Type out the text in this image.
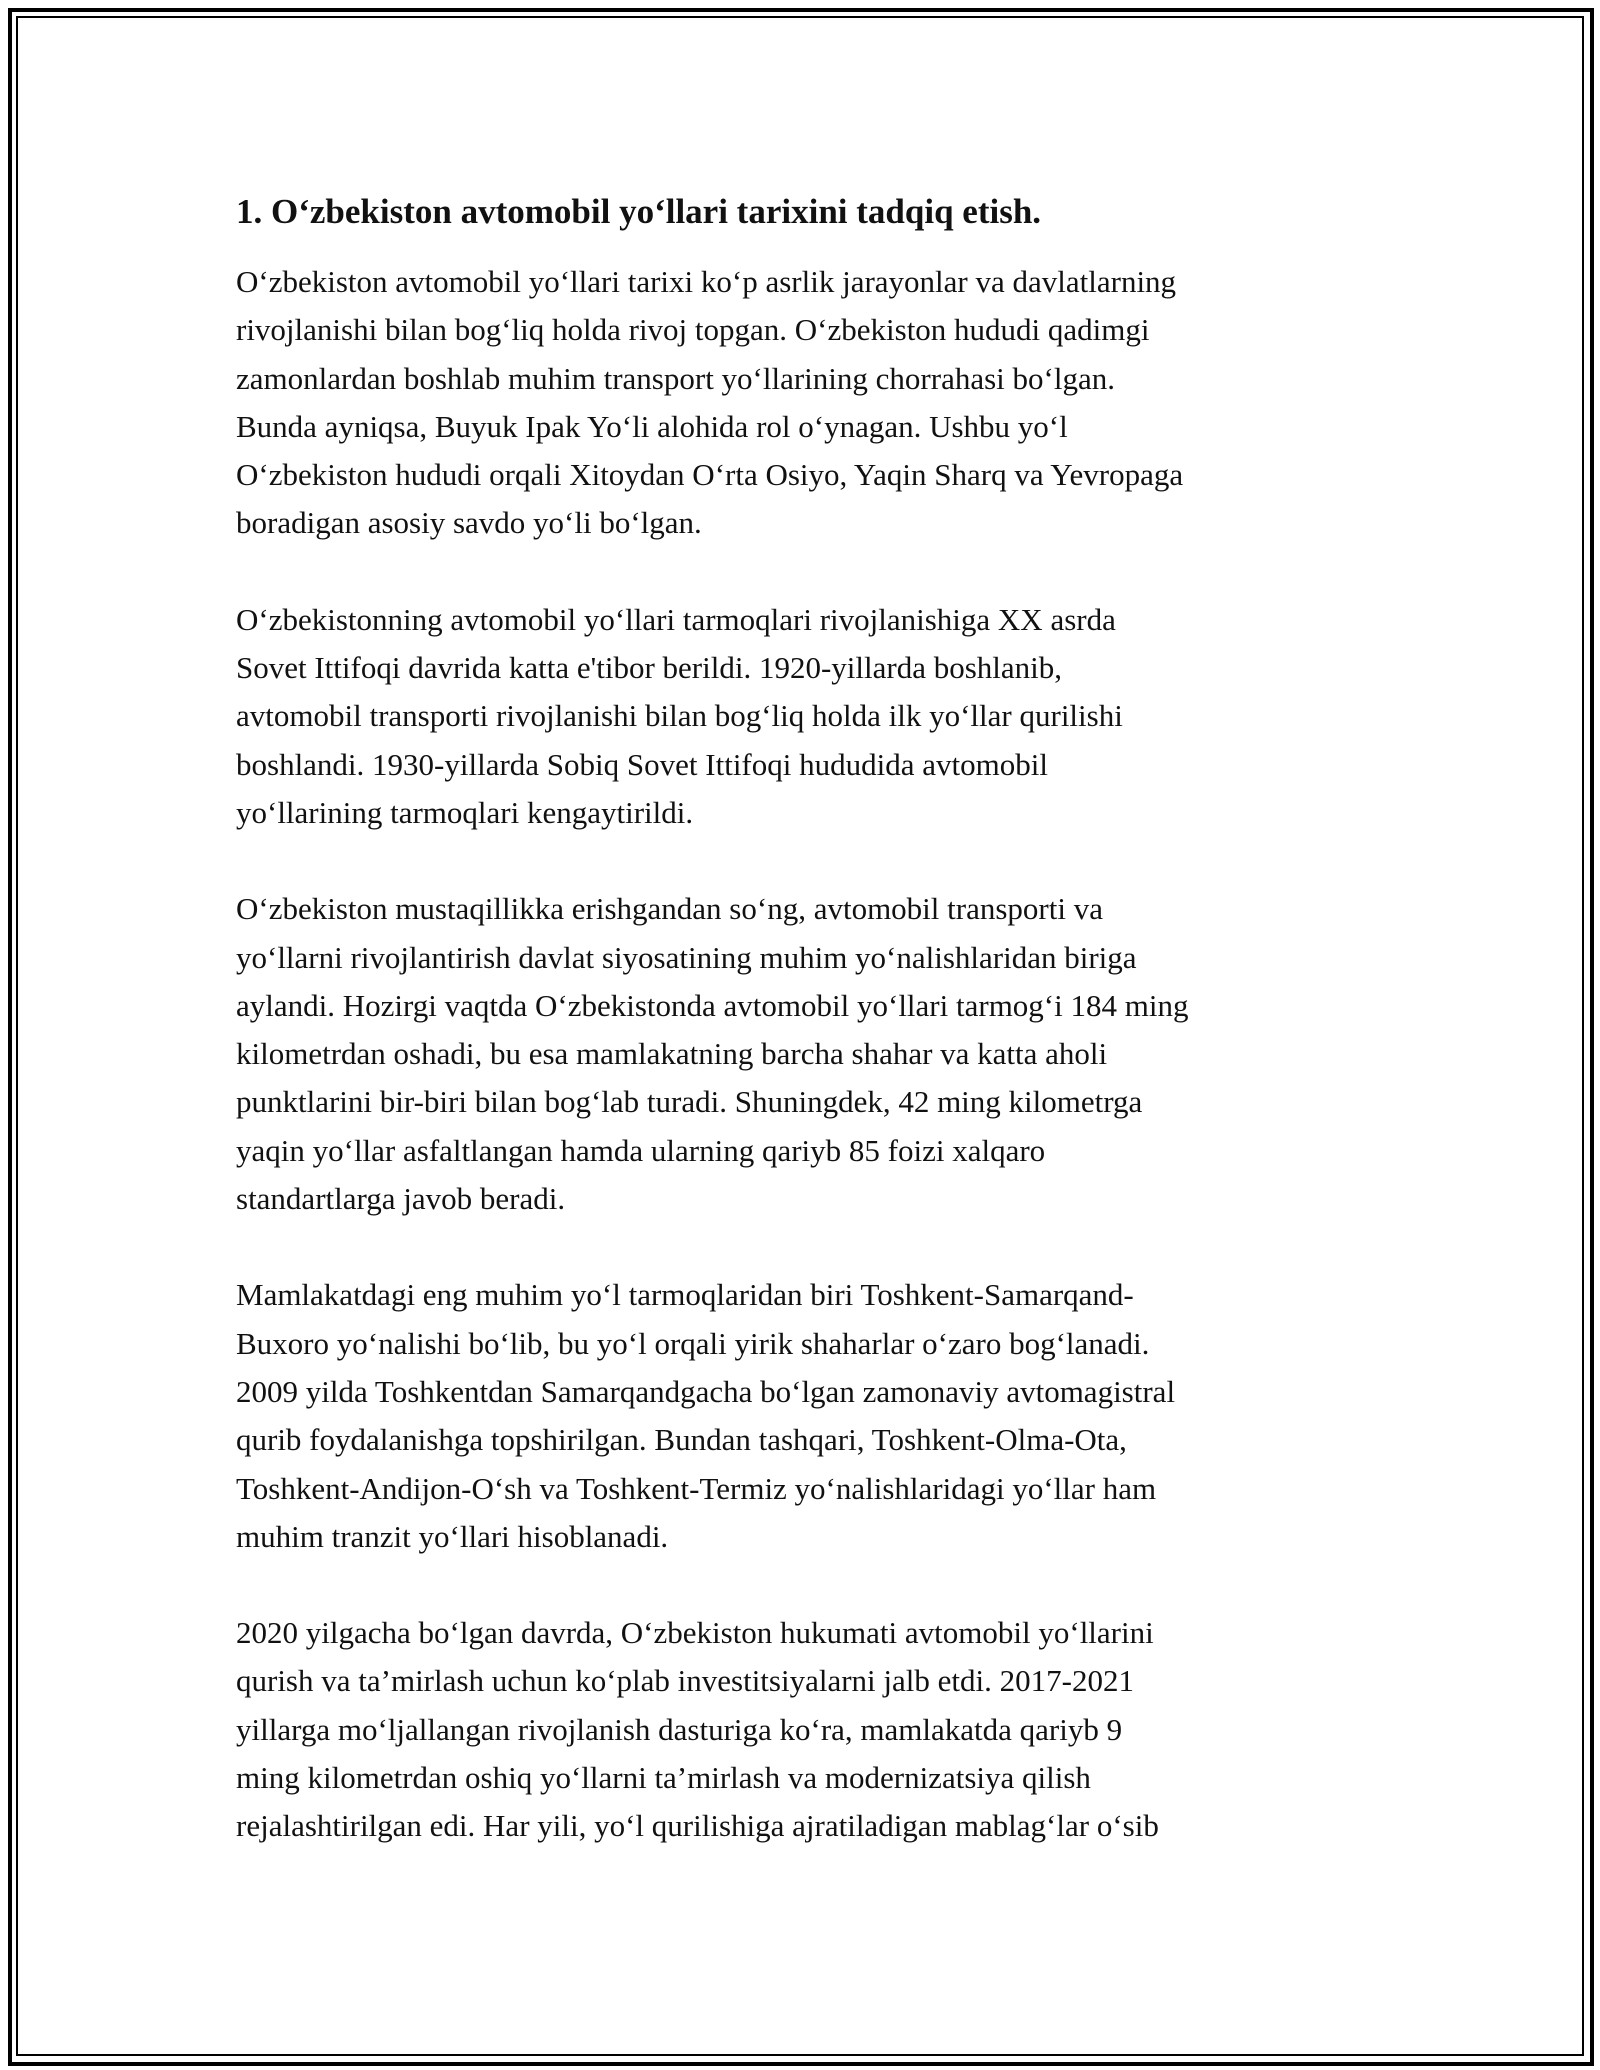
1. O‘zbekiston avtomobil yo‘llari tarixini tadqiq etish.
O‘zbekiston avtomobil yo‘llari tarixi ko‘p asrlik jarayonlar va davlatlarning
rivojlanishi bilan bog‘liq holda rivoj topgan. O‘zbekiston hududi qadimgi
zamonlardan boshlab muhim transport yo‘llarining chorrahasi bo‘lgan.
Bunda ayniqsa, Buyuk Ipak Yo‘li alohida rol o‘ynagan. Ushbu yo‘l
O‘zbekiston hududi orqali Xitoydan O‘rta Osiyo, Yaqin Sharq va Yevropaga
boradigan asosiy savdo yo‘li bo‘lgan.
O‘zbekistonning avtomobil yo‘llari tarmoqlari rivojlanishiga XX asrda
Sovet Ittifoqi davrida katta e'tibor berildi. 1920-yillarda boshlanib,
avtomobil transporti rivojlanishi bilan bog‘liq holda ilk yo‘llar qurilishi
boshlandi. 1930-yillarda Sobiq Sovet Ittifoqi hududida avtomobil
yo‘llarining tarmoqlari kengaytirildi.
O‘zbekiston mustaqillikka erishgandan so‘ng, avtomobil transporti va
yo‘llarni rivojlantirish davlat siyosatining muhim yo‘nalishlaridan biriga
aylandi. Hozirgi vaqtda O‘zbekistonda avtomobil yo‘llari tarmog‘i 184 ming
kilometrdan oshadi, bu esa mamlakatning barcha shahar va katta aholi
punktlarini bir-biri bilan bog‘lab turadi. Shuningdek, 42 ming kilometrga
yaqin yo‘llar asfaltlangan hamda ularning qariyb 85 foizi xalqaro
standartlarga javob beradi.
Mamlakatdagi eng muhim yo‘l tarmoqlaridan biri Toshkent-Samarqand-
Buxoro yo‘nalishi bo‘lib, bu yo‘l orqali yirik shaharlar o‘zaro bog‘lanadi.
2009 yilda Toshkentdan Samarqandgacha bo‘lgan zamonaviy avtomagistral
qurib foydalanishga topshirilgan. Bundan tashqari, Toshkent-Olma-Ota,
Toshkent-Andijon-O‘sh va Toshkent-Termiz yo‘nalishlaridagi yo‘llar ham
muhim tranzit yo‘llari hisoblanadi.
2020 yilgacha bo‘lgan davrda, O‘zbekiston hukumati avtomobil yo‘llarini
qurish va ta’mirlash uchun ko‘plab investitsiyalarni jalb etdi. 2017-2021
yillarga mo‘ljallangan rivojlanish dasturiga ko‘ra, mamlakatda qariyb 9
ming kilometrdan oshiq yo‘llarni ta’mirlash va modernizatsiya qilish
rejalashtirilgan edi. Har yili, yo‘l qurilishiga ajratiladigan mablag‘lar o‘sib
